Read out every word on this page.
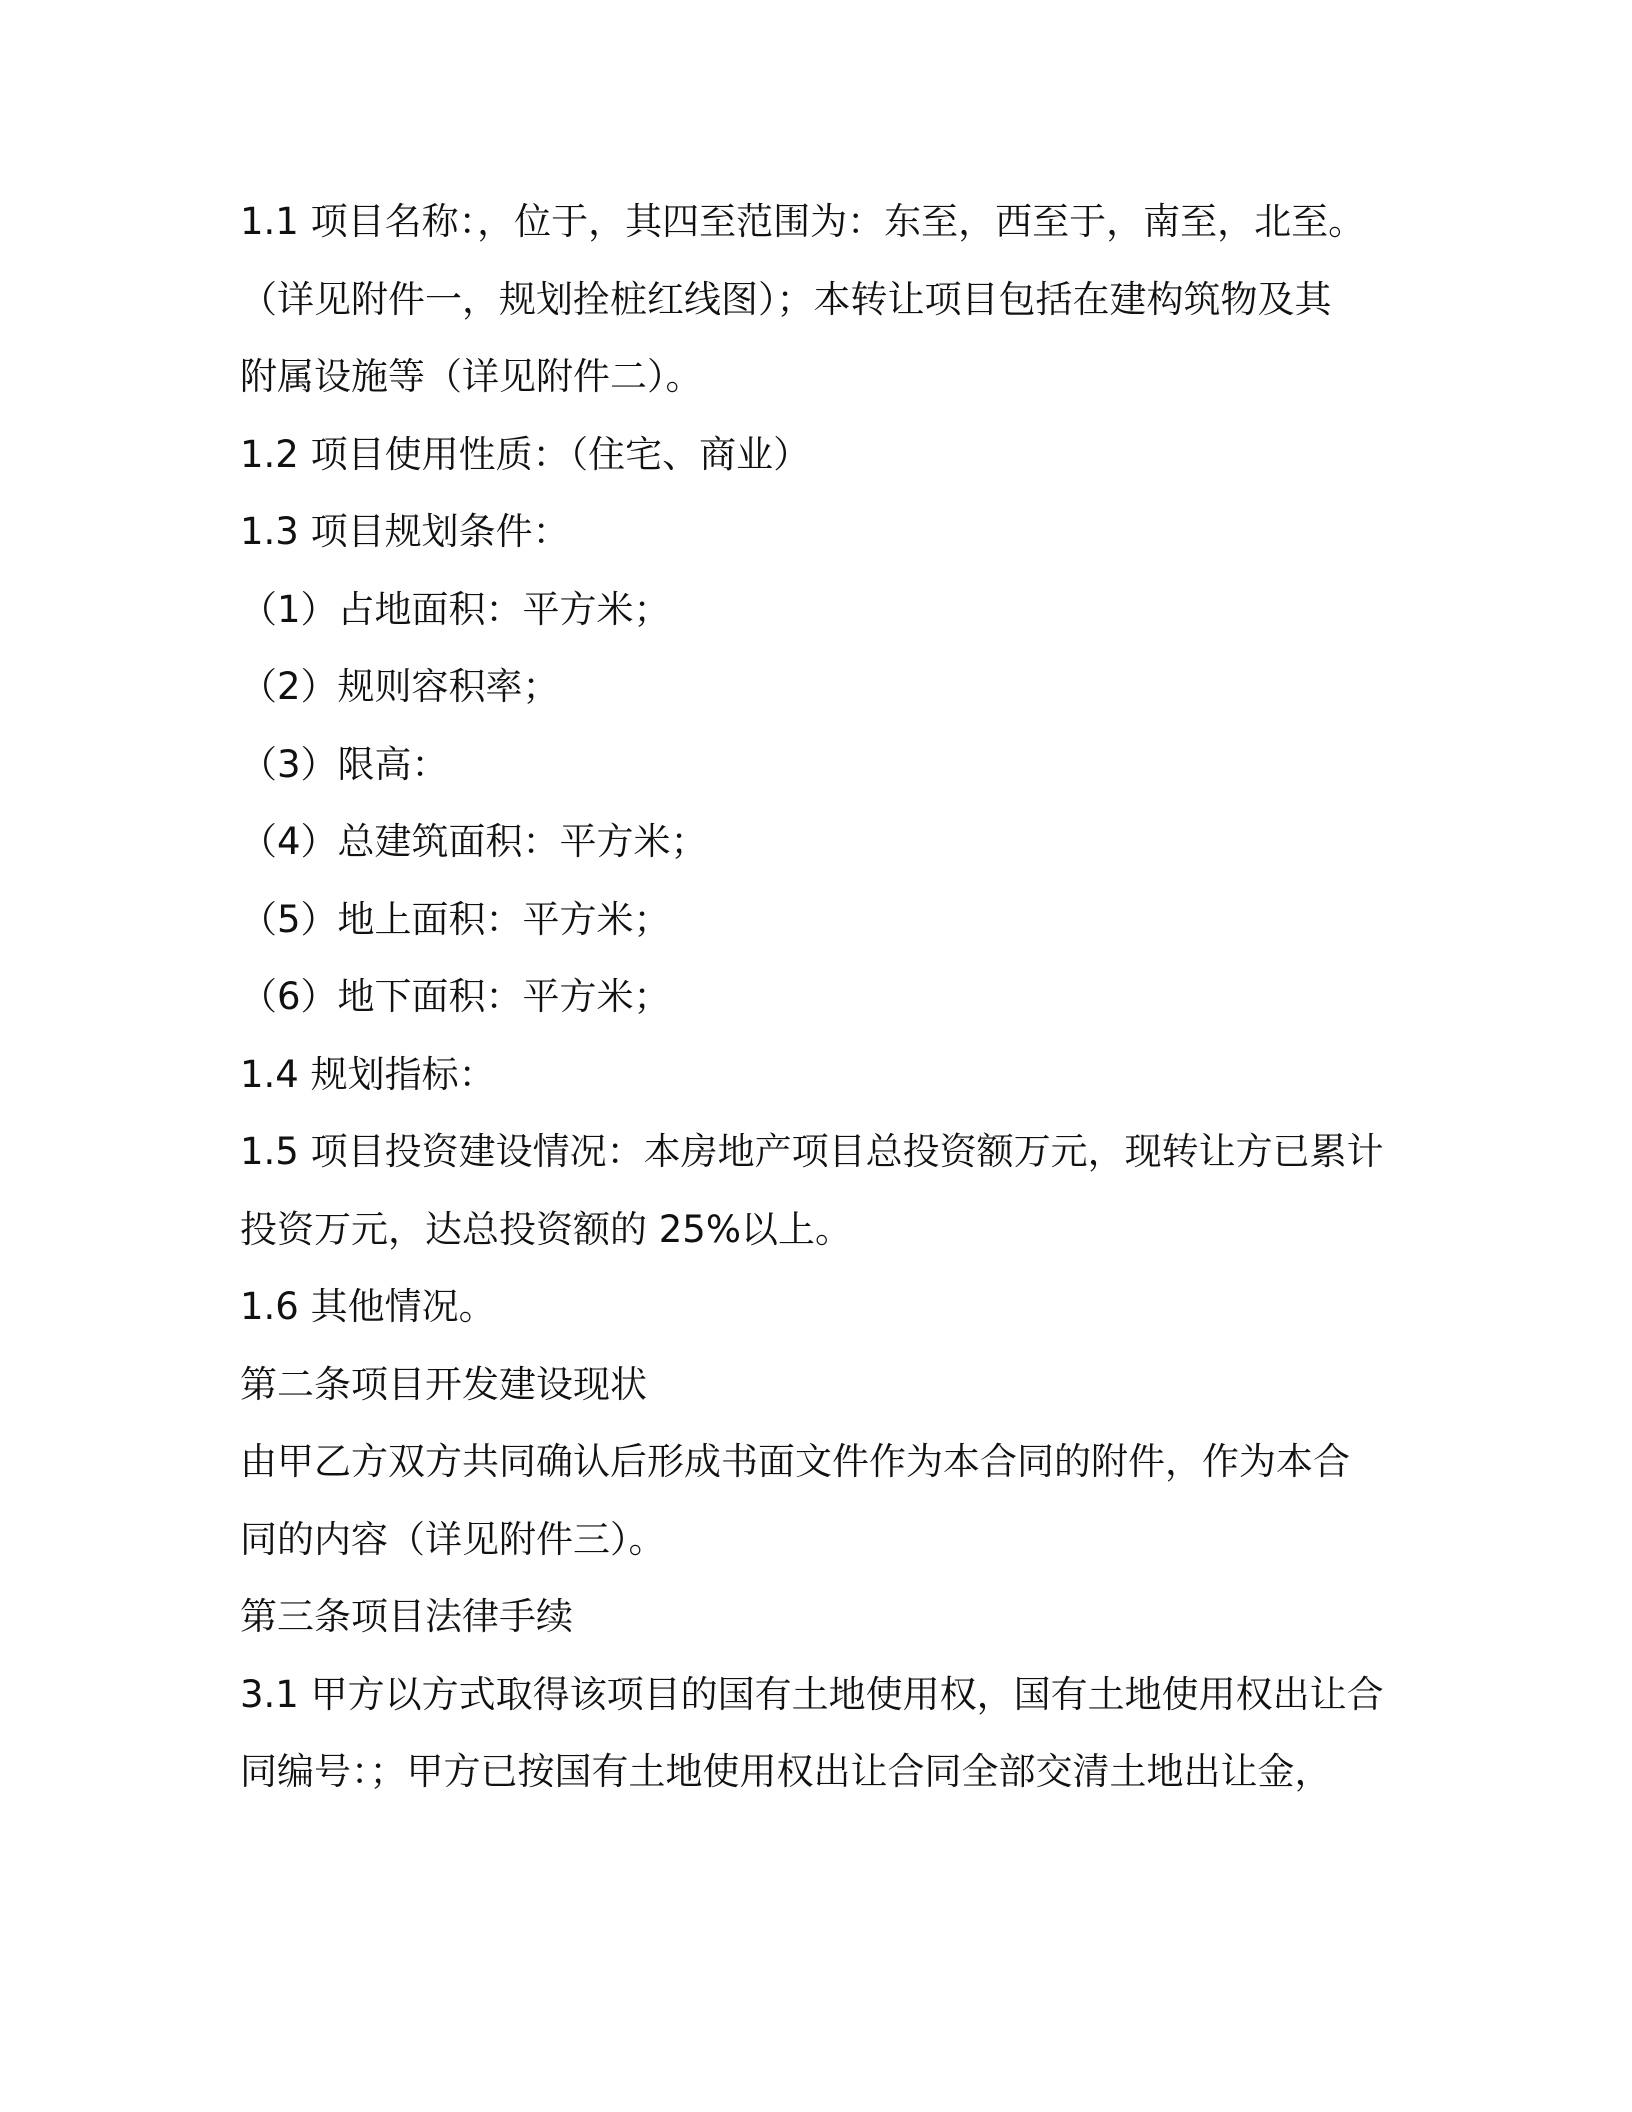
1.1 项目名称：，位于，其四至范围为：东至，西至于，南至，北至。
（详见附件一，规划拴桩红线图）；本转让项目包括在建构筑物及其
附属设施等（详见附件二）。
1.2 项目使用性质：（住宅、商业）
1.3 项目规划条件：
（1）占地面积：平方米；
（2）规则容积率；
（3）限高：
（4）总建筑面积：平方米；
（5）地上面积：平方米；
（6）地下面积：平方米；
1.4 规划指标：
1.5 项目投资建设情况：本房地产项目总投资额万元，现转让方已累计
投资万元，达总投资额的 25%以上。
1.6 其他情况。
第二条项目开发建设现状
由甲乙方双方共同确认后形成书面文件作为本合同的附件，作为本合
同的内容（详见附件三）。
第三条项目法律手续
3.1 甲方以方式取得该项目的国有土地使用权，国有土地使用权出让合
同编号：；甲方已按国有土地使用权出让合同全部交清土地出让金，
